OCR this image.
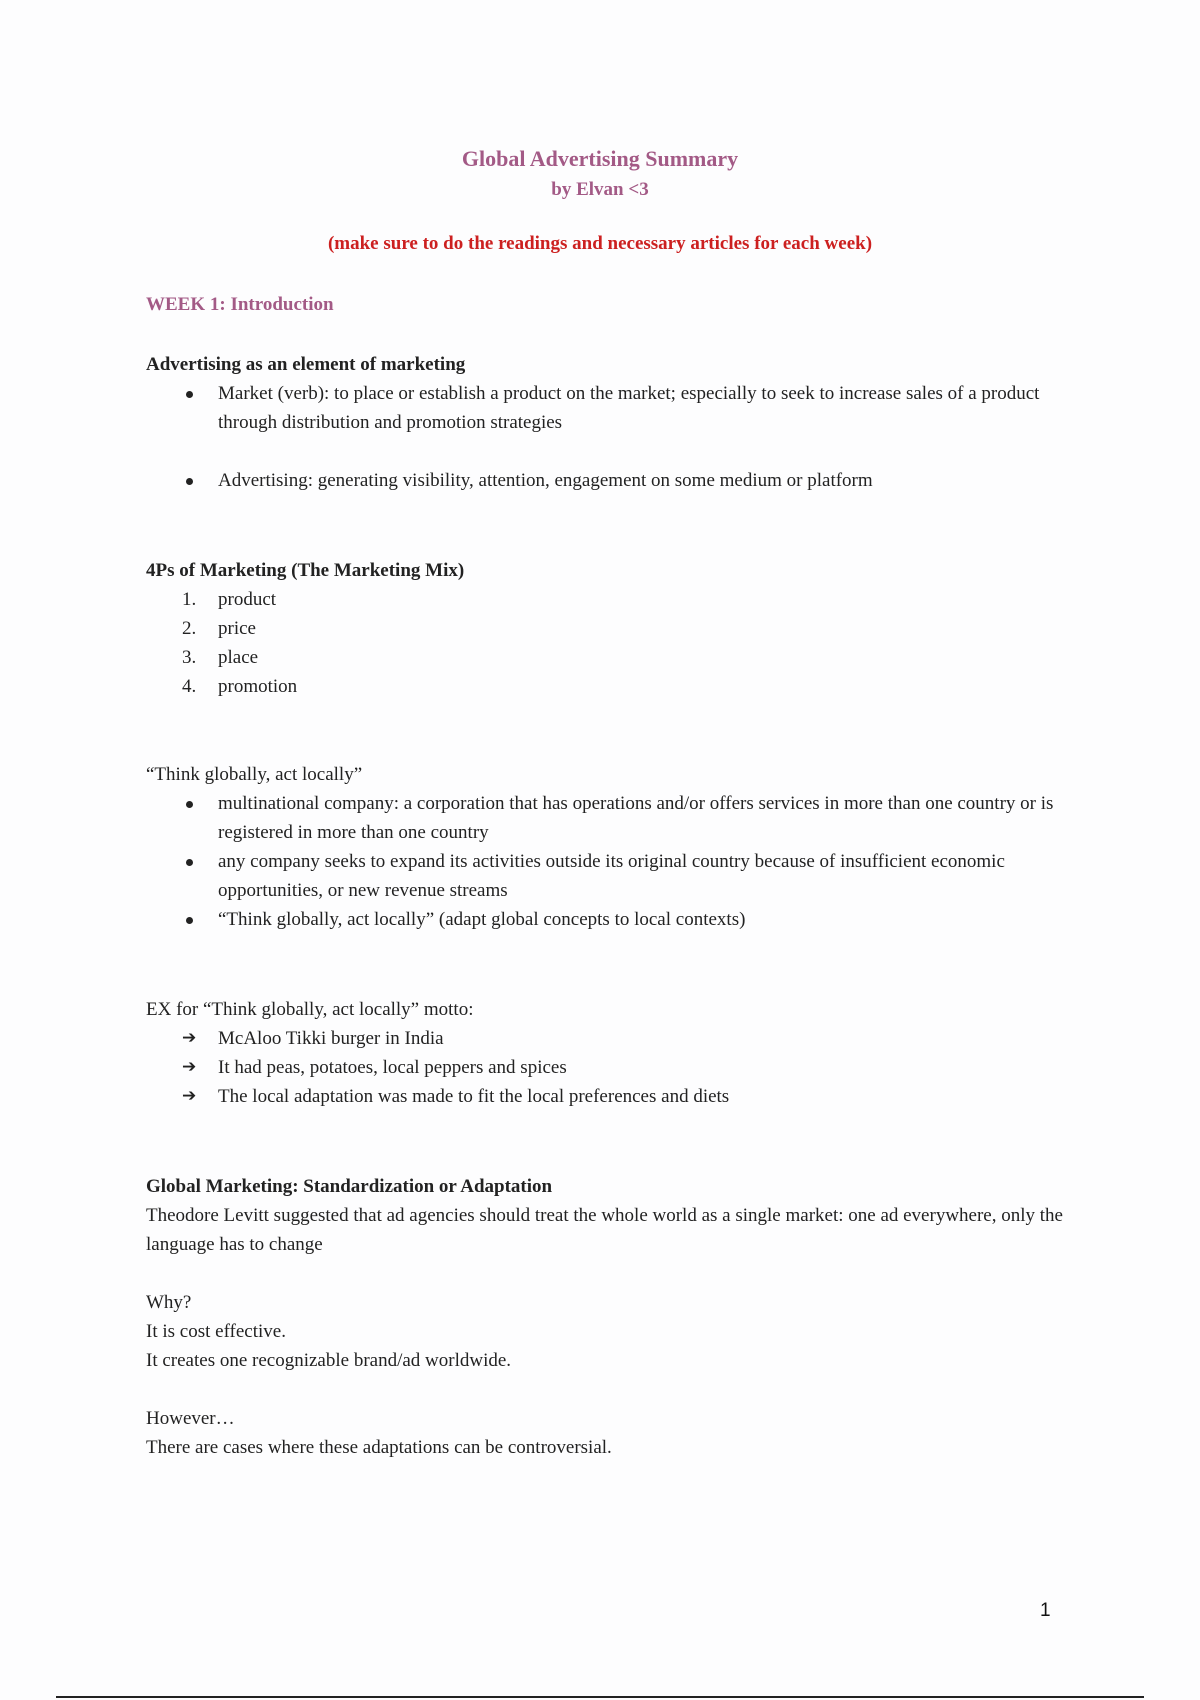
Global Advertising Summary
by Elvan <3
(make sure to do the readings and necessary articles for each week)
WEEK 1: Introduction
Advertising as an element of marketing
Market (verb): to place or establish a product on the market; especially to seek to increase sales of a product through distribution and promotion strategies
Advertising: generating visibility, attention, engagement on some medium or platform
4Ps of Marketing (The Marketing Mix)
1.	product
2.	price
3.	place
4.	promotion
“Think globally, act locally”
multinational company: a corporation that has operations and/or offers services in more than one country or is registered in more than one country
any company seeks to expand its activities outside its original country because of insufficient economic opportunities, or new revenue streams
“Think globally, act locally” (adapt global concepts to local contexts)
EX for “Think globally, act locally” motto:
➔	McAloo Tikki burger in India
➔	It had peas, potatoes, local peppers and spices
➔	The local adaptation was made to fit the local preferences and diets
Global Marketing: Standardization or Adaptation
Theodore Levitt suggested that ad agencies should treat the whole world as a single market: one ad everywhere, only the language has to change
Why?
It is cost effective.
It creates one recognizable brand/ad worldwide.
However…
There are cases where these adaptations can be controversial.
1
